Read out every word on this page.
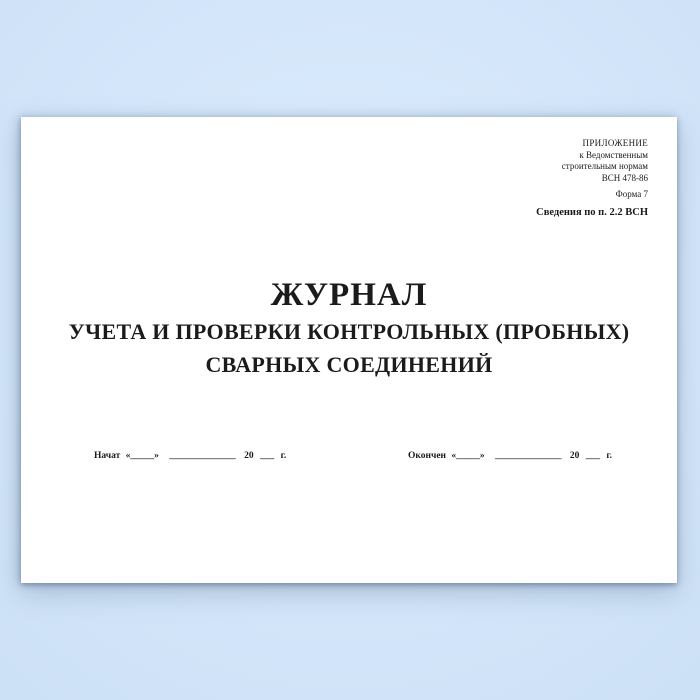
ПРИЛОЖЕНИЕ
к Ведомственным
строительным нормам
ВСН 478-86
Форма 7
Сведения по п. 2.2 ВСН
ЖУРНАЛ
УЧЕТА И ПРОВЕРКИ КОНТРОЛЬНЫХ (ПРОБНЫХ)
СВАРНЫХ СОЕДИНЕНИЙ
Начат «_____» ______________ 20 ___ г.	Окончен «_____» ______________ 20 ___ г.
